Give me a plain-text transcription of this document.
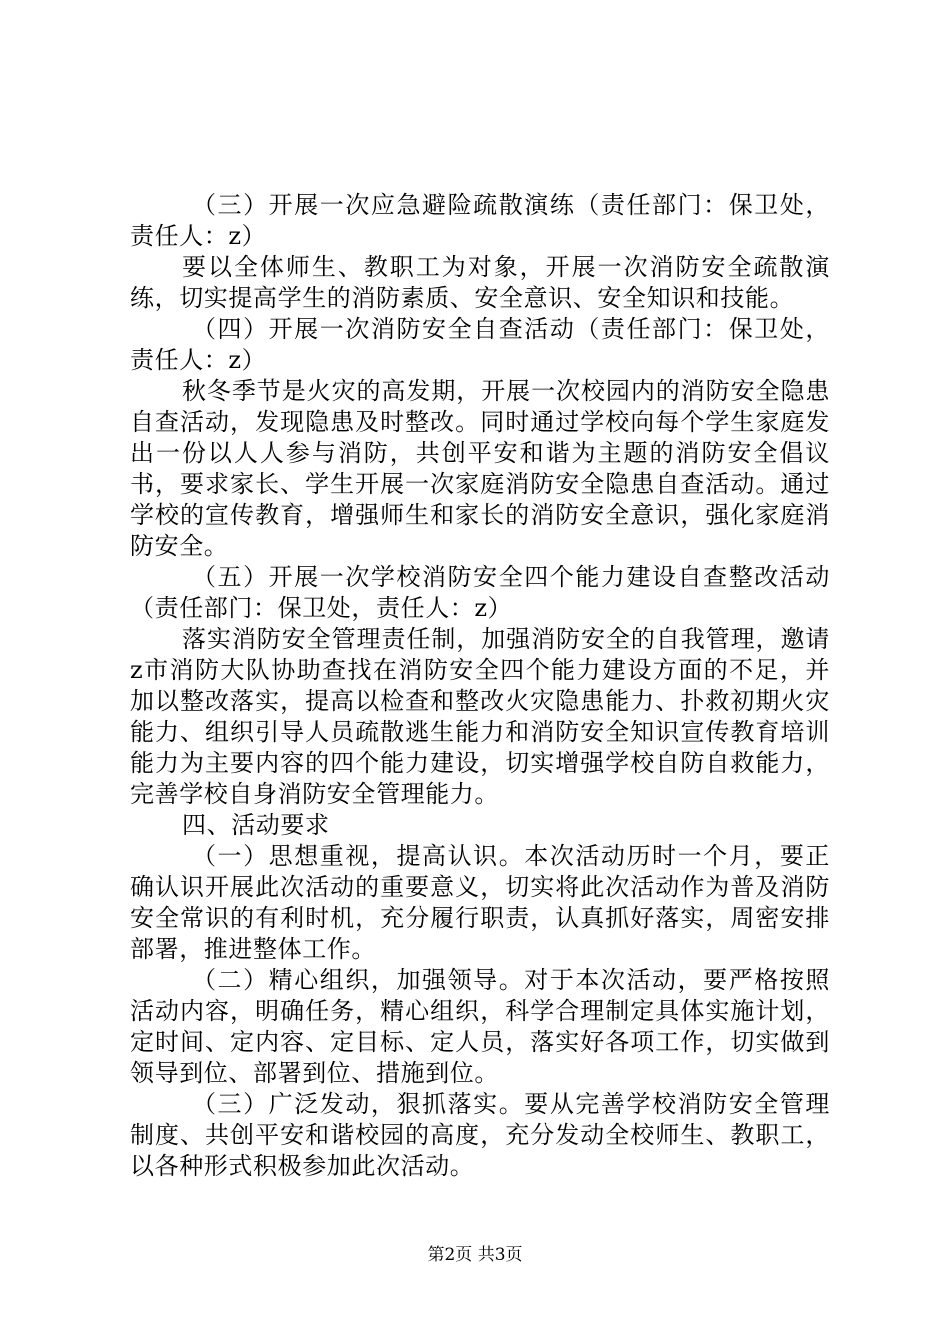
（三）开展一次应急避险疏散演练（责任部门：保卫处，责任人：z）

要以全体师生、教职工为对象，开展一次消防安全疏散演练，切实提高学生的消防素质、安全意识、安全知识和技能。

（四）开展一次消防安全自查活动（责任部门：保卫处，责任人：z）

秋冬季节是火灾的高发期，开展一次校园内的消防安全隐患自查活动，发现隐患及时整改。同时通过学校向每个学生家庭发出一份以人人参与消防，共创平安和谐为主题的消防安全倡议书，要求家长、学生开展一次家庭消防安全隐患自查活动。通过学校的宣传教育，增强师生和家长的消防安全意识，强化家庭消防安全。

（五）开展一次学校消防安全四个能力建设自查整改活动（责任部门：保卫处，责任人：z）

落实消防安全管理责任制，加强消防安全的自我管理，邀请z市消防大队协助查找在消防安全四个能力建设方面的不足，并加以整改落实，提高以检查和整改火灾隐患能力、扑救初期火灾能力、组织引导人员疏散逃生能力和消防安全知识宣传教育培训能力为主要内容的四个能力建设，切实增强学校自防自救能力，完善学校自身消防安全管理能力。

四、活动要求

（一）思想重视，提高认识。本次活动历时一个月，要正确认识开展此次活动的重要意义，切实将此次活动作为普及消防安全常识的有利时机，充分履行职责，认真抓好落实，周密安排部署，推进整体工作。

（二）精心组织，加强领导。对于本次活动，要严格按照活动内容，明确任务，精心组织，科学合理制定具体实施计划，定时间、定内容、定目标、定人员，落实好各项工作，切实做到领导到位、部署到位、措施到位。

（三）广泛发动，狠抓落实。要从完善学校消防安全管理制度、共创平安和谐校园的高度，充分发动全校师生、教职工，以各种形式积极参加此次活动。

第2页 共3页
